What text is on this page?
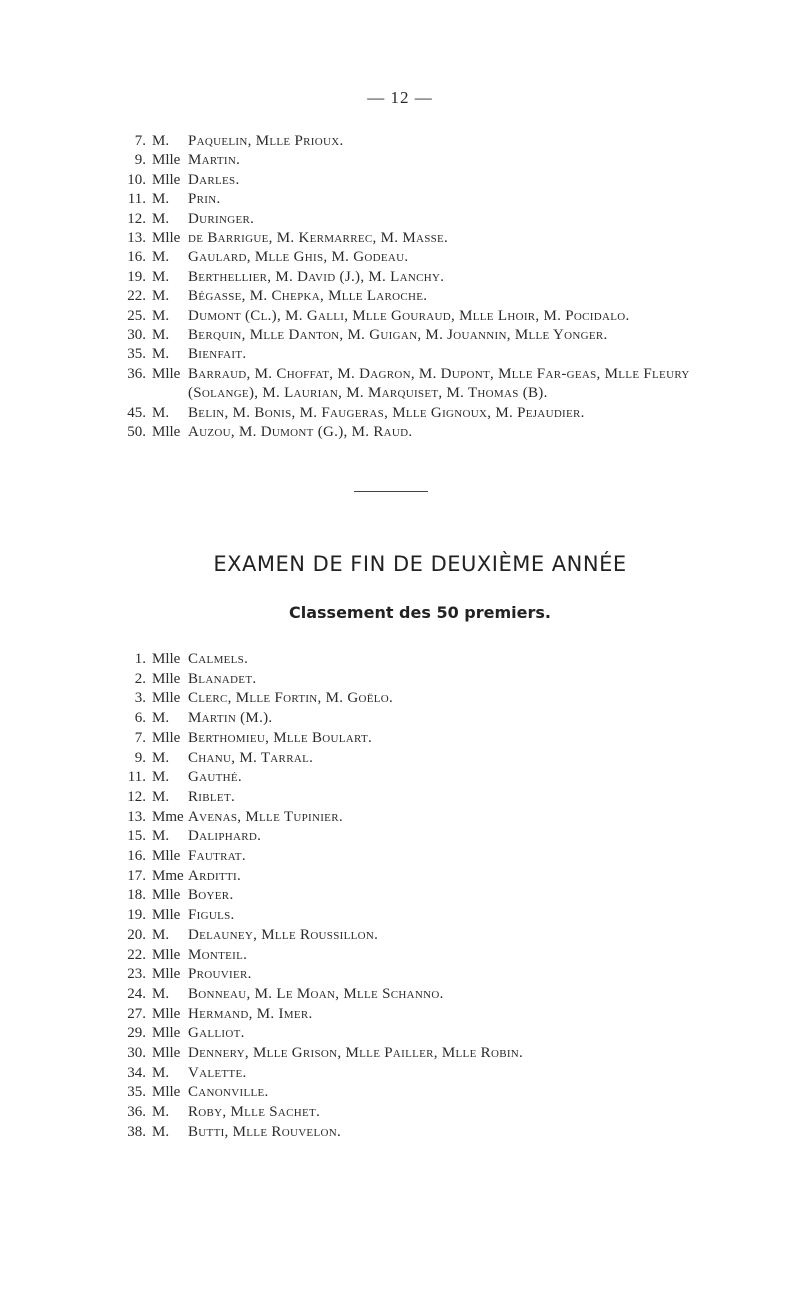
— 12 —
7. M. Paquelin, Mlle Prioux.
9. Mlle Martin.
10. Mlle Darles.
11. M. Prin.
12. M. Duringer.
13. Mlle de Barrigue, M. Kermarrec, M. Masse.
16. M. Gaulard, Mlle Ghis, M. Godeau.
19. M. Berthellier, M. David (J.), M. Lanchy.
22. M. Bégasse, M. Chepka, Mlle Laroche.
25. M. Dumont (Cl.), M. Galli, Mlle Gouraud, Mlle Lhoir, M. Pocidalo.
30. M. Berquin, Mlle Danton, M. Guigan, M. Jouannin, Mlle Yonger.
35. M. Bienfait.
36. Mlle Barraud, M. Choffat, M. Dagron, M. Dupont, Mlle Far-geas, Mlle Fleury (Solange), M. Laurian, M. Marquiset, M. Thomas (B).
45. M. Belin, M. Bonis, M. Faugeras, Mlle Gignoux, M. Pejaudier.
50. Mlle Auzou, M. Dumont (G.), M. Raud.
EXAMEN DE FIN DE DEUXIÈME ANNÉE
Classement des 50 premiers.
1. Mlle Calmels.
2. Mlle Blanadet.
3. Mlle Clerc, Mlle Fortin, M. Goëlo.
6. M. Martin (M.).
7. Mlle Berthomieu, Mlle Boulart.
9. M. Chanu, M. Tarral.
11. M. Gauthé.
12. M. Riblet.
13. Mme Avenas, Mlle Tupinier.
15. M. Daliphard.
16. Mlle Fautrat.
17. Mme Arditti.
18. Mlle Boyer.
19. Mlle Figuls.
20. M. Delauney, Mlle Roussillon.
22. Mlle Monteil.
23. Mlle Prouvier.
24. M. Bonneau, M. Le Moan, Mlle Schanno.
27. Mlle Hermand, M. Imer.
29. Mlle Galliot.
30. Mlle Dennery, Mlle Grison, Mlle Pailler, Mlle Robin.
34. M. Valette.
35. Mlle Canonville.
36. M. Roby, Mlle Sachet.
38. M. Butti, Mlle Rouvelon.
